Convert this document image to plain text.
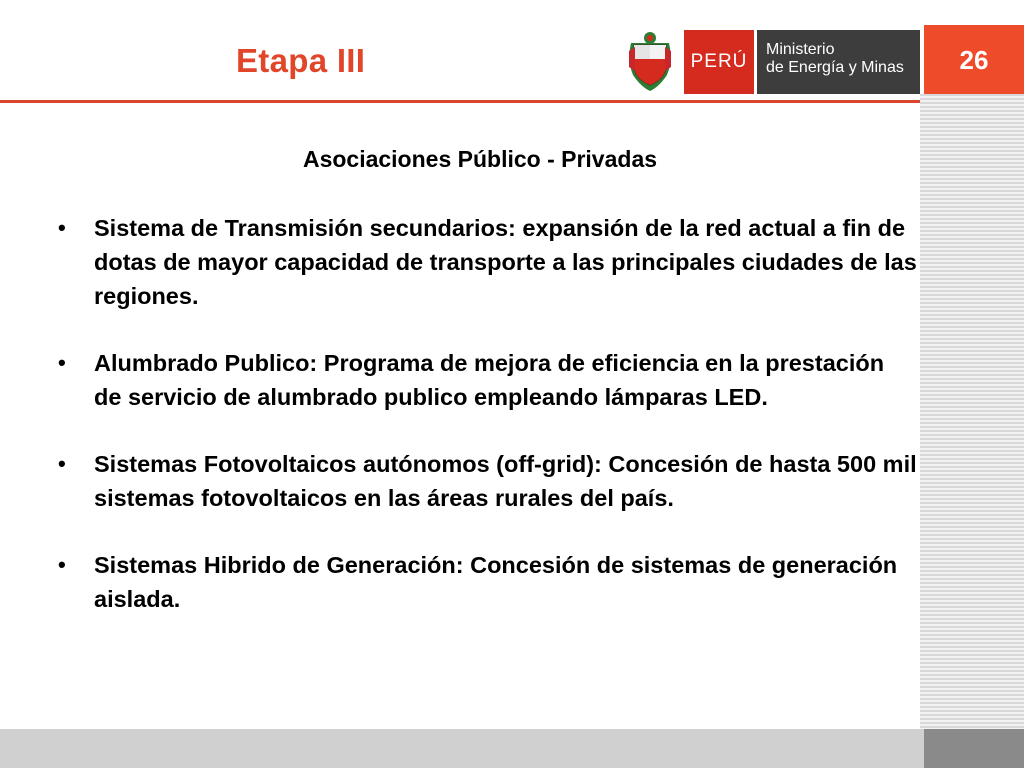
Etapa III	PERÚ
Ministerio
de Energía y Minas	26
Asociaciones Público - Privadas
• Sistema de Transmisión secundarios: expansión de la red actual a fin de dotas de mayor capacidad de transporte a las principales ciudades de las regiones.
• Alumbrado Publico: Programa de mejora de eficiencia en la prestación de servicio de alumbrado publico empleando lámparas LED.
• Sistemas Fotovoltaicos autónomos (off-grid): Concesión de hasta 500 mil sistemas fotovoltaicos en las áreas rurales del país.
• Sistemas Hibrido de Generación: Concesión de sistemas de generación aislada.
